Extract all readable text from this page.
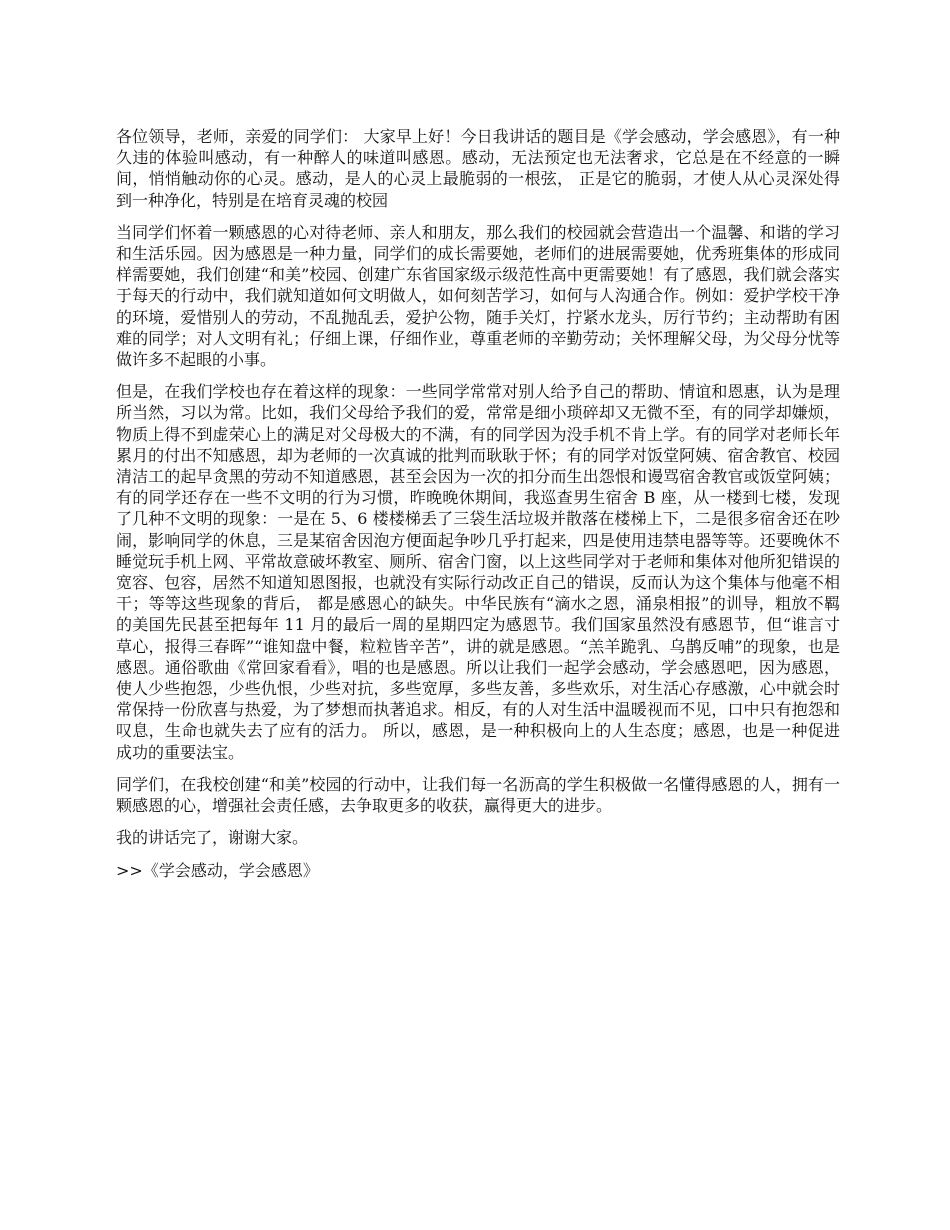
各位领导，老师，亲爱的同学们： 大家早上好！今日我讲话的题目是《学会感动，学会感恩》，有一种久违的体验叫感动，有一种醉人的味道叫感恩。感动，无法预定也无法奢求，它总是在不经意的一瞬间，悄悄触动你的心灵。感动，是人的心灵上最脆弱的一根弦， 正是它的脆弱，才使人从心灵深处得到一种净化，特别是在培育灵魂的校园

当同学们怀着一颗感恩的心对待老师、亲人和朋友，那么我们的校园就会营造出一个温馨、和谐的学习和生活乐园。因为感恩是一种力量，同学们的成长需要她，老师们的进展需要她，优秀班集体的形成同样需要她，我们创建“和美”校园、创建广东省国家级示级范性高中更需要她！有了感恩，我们就会落实于每天的行动中，我们就知道如何文明做人，如何刻苦学习，如何与人沟通合作。例如：爱护学校干净的环境，爱惜别人的劳动，不乱抛乱丢，爱护公物，随手关灯，拧紧水龙头，厉行节约；主动帮助有困难的同学；对人文明有礼；仔细上课，仔细作业，尊重老师的辛勤劳动；关怀理解父母，为父母分忧等做许多不起眼的小事。

但是，在我们学校也存在着这样的现象：一些同学常常对别人给予自己的帮助、情谊和恩惠，认为是理所当然，习以为常。比如，我们父母给予我们的爱，常常是细小琐碎却又无微不至，有的同学却嫌烦，物质上得不到虚荣心上的满足对父母极大的不满，有的同学因为没手机不肯上学。有的同学对老师长年累月的付出不知感恩，却为老师的一次真诚的批判而耿耿于怀；有的同学对饭堂阿姨、宿舍教官、校园清洁工的起早贪黑的劳动不知道感恩，甚至会因为一次的扣分而生出怨恨和谩骂宿舍教官或饭堂阿姨；有的同学还存在一些不文明的行为习惯，昨晚晚休期间，我巡查男生宿舍 B 座，从一楼到七楼，发现了几种不文明的现象：一是在 5、6 楼楼梯丢了三袋生活垃圾并散落在楼梯上下，二是很多宿舍还在吵闹，影响同学的休息，三是某宿舍因泡方便面起争吵几乎打起来，四是使用违禁电器等等。还要晚休不睡觉玩手机上网、平常故意破坏教室、厕所、宿舍门窗，以上这些同学对于老师和集体对他所犯错误的宽容、包容，居然不知道知恩图报，也就没有实际行动改正自己的错误，反而认为这个集体与他毫不相干；等等这些现象的背后， 都是感恩心的缺失。中华民族有“滴水之恩，涌泉相报”的训导，粗放不羁的美国先民甚至把每年 11 月的最后一周的星期四定为感恩节。我们国家虽然没有感恩节，但“谁言寸草心，报得三春晖”“谁知盘中餐，粒粒皆辛苦”，讲的就是感恩。“羔羊跪乳、乌鹊反哺”的现象，也是感恩。通俗歌曲《常回家看看》，唱的也是感恩。所以让我们一起学会感动，学会感恩吧，因为感恩，使人少些抱怨，少些仇恨，少些对抗，多些宽厚，多些友善，多些欢乐，对生活心存感激，心中就会时常保持一份欣喜与热爱，为了梦想而执著追求。相反，有的人对生活中温暖视而不见，口中只有抱怨和叹息，生命也就失去了应有的活力。 所以，感恩，是一种积极向上的人生态度；感恩，也是一种促进成功的重要法宝。

同学们，在我校创建“和美”校园的行动中，让我们每一名沥高的学生积极做一名懂得感恩的人，拥有一颗感恩的心，增强社会责任感，去争取更多的收获，赢得更大的进步。

我的讲话完了，谢谢大家。

>>《学会感动，学会感恩》
